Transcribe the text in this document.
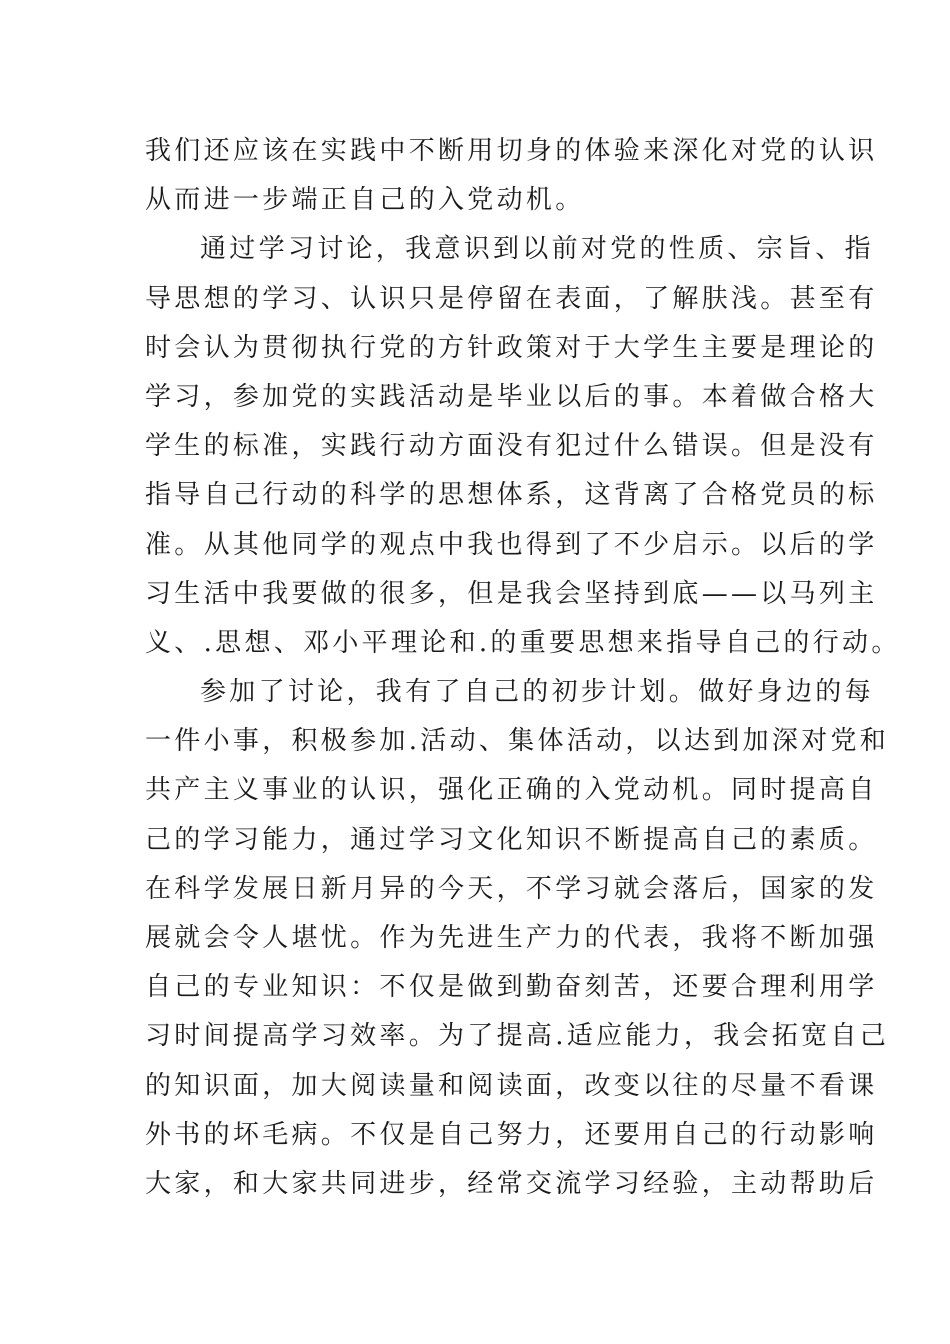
我们还应该在实践中不断用切身的体验来深化对党的认识
从而进一步端正自己的入党动机。
通过学习讨论，我意识到以前对党的性质、宗旨、指
导思想的学习、认识只是停留在表面，了解肤浅。甚至有
时会认为贯彻执行党的方针政策对于大学生主要是理论的
学习，参加党的实践活动是毕业以后的事。本着做合格大
学生的标准，实践行动方面没有犯过什么错误。但是没有
指导自己行动的科学的思想体系，这背离了合格党员的标
准。从其他同学的观点中我也得到了不少启示。以后的学
习生活中我要做的很多，但是我会坚持到底——以马列主
义、.思想、邓小平理论和.的重要思想来指导自己的行动。
参加了讨论，我有了自己的初步计划。做好身边的每
一件小事，积极参加.活动、集体活动，以达到加深对党和
共产主义事业的认识，强化正确的入党动机。同时提高自
己的学习能力，通过学习文化知识不断提高自己的素质。
在科学发展日新月异的今天，不学习就会落后，国家的发
展就会令人堪忧。作为先进生产力的代表，我将不断加强
自己的专业知识：不仅是做到勤奋刻苦，还要合理利用学
习时间提高学习效率。为了提高.适应能力，我会拓宽自己
的知识面，加大阅读量和阅读面，改变以往的尽量不看课
外书的坏毛病。不仅是自己努力，还要用自己的行动影响
大家，和大家共同进步，经常交流学习经验，主动帮助后
